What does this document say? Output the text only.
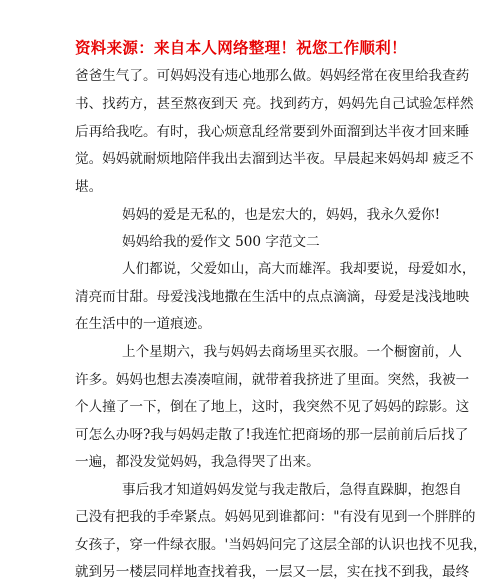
资料来源：来自本人网络整理！祝您工作顺利！
爸爸生气了。可妈妈没有违心地那么做。妈妈经常在夜里给我查药
书、找药方，甚至熬夜到天 亮。找到药方，妈妈先自己试验怎样然
后再给我吃。有时，我心烦意乱经常要到外面溜到达半夜才回来睡
觉。妈妈就耐烦地陪伴我出去溜到达半夜。早晨起来妈妈却 疲乏不
堪。
妈妈的爱是无私的，也是宏大的，妈妈，我永久爱你!
妈妈给我的爱作文 500 字范文二
人们都说，父爱如山，高大而雄浑。我却要说，母爱如水，
清亮而甘甜。母爱浅浅地撒在生活中的点点滴滴，母爱是浅浅地映
在生活中的一道痕迹。
上个星期六，我与妈妈去商场里买衣服。一个橱窗前，人
许多。妈妈也想去凑凑喧闹，就带着我挤进了里面。突然，我被一
个人撞了一下，倒在了地上，这时，我突然不见了妈妈的踪影。这
可怎么办呀?我与妈妈走散了!我连忙把商场的那一层前前后后找了
一遍，都没发觉妈妈，我急得哭了出来。
事后我才知道妈妈发觉与我走散后，急得直跺脚，抱怨自
己没有把我的手牵紧点。妈妈见到谁都问："有没有见到一个胖胖的
女孩子，穿一件绿衣服。'当妈妈问完了这层全部的认识也找不见我，
就到另一楼层同样地查找着我，一层又一层，实在找不到我，最终
